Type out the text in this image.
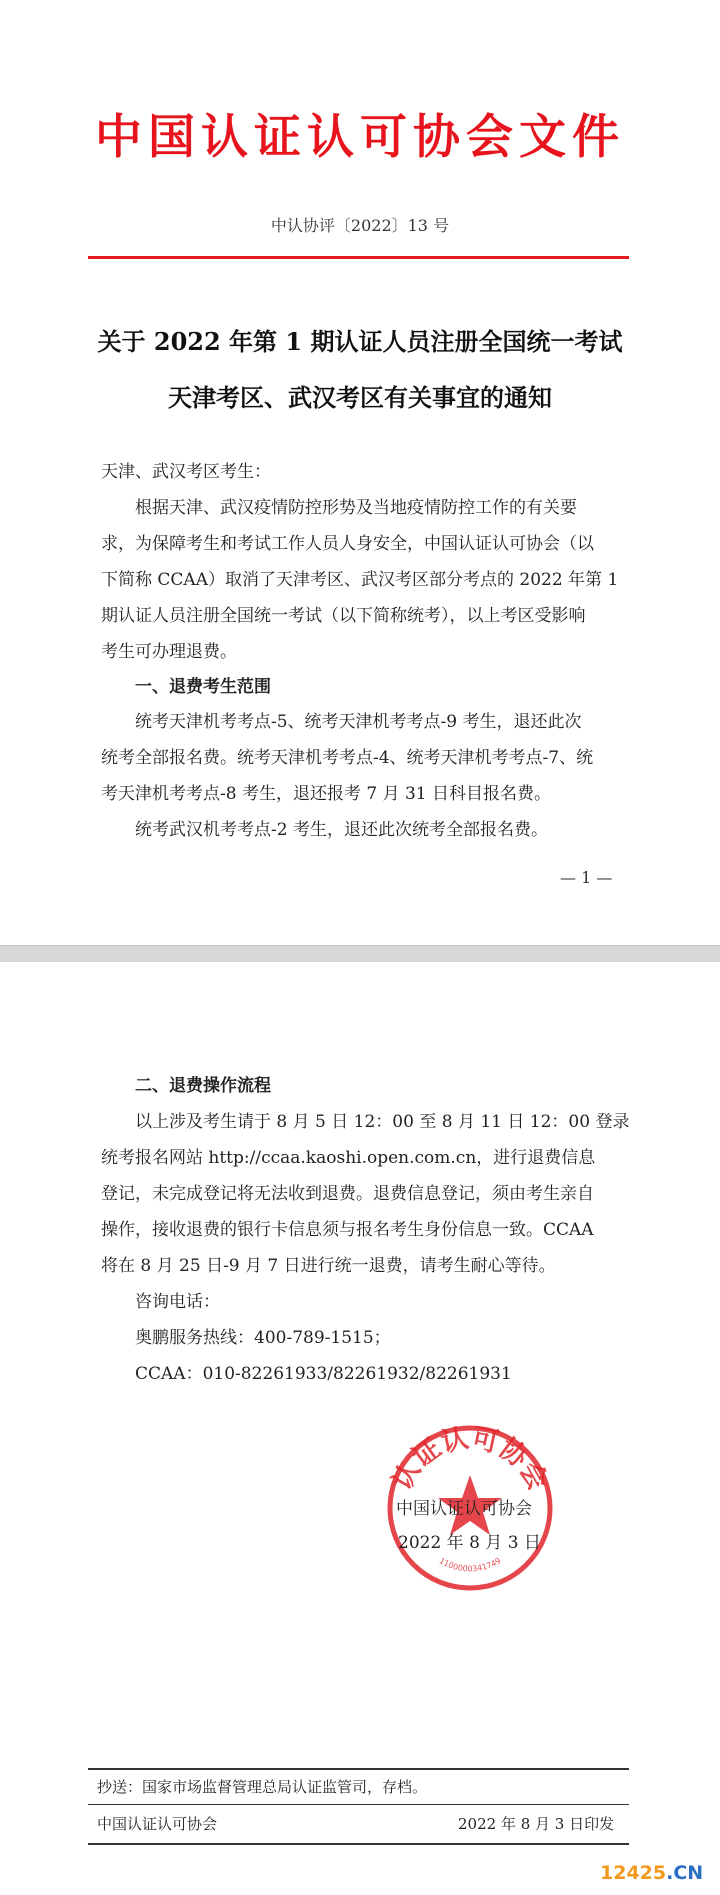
中国认证认可协会文件
中认协评〔2022〕13 号
关于 2022 年第 1 期认证人员注册全国统一考试
天津考区、武汉考区有关事宜的通知
天津、武汉考区考生：
根据天津、武汉疫情防控形势及当地疫情防控工作的有关要
求，为保障考生和考试工作人员人身安全，中国认证认可协会（以
下简称 CCAA）取消了天津考区、武汉考区部分考点的 2022 年第 1
期认证人员注册全国统一考试（以下简称统考），以上考区受影响
考生可办理退费。
一、退费考生范围
统考天津机考考点-5、统考天津机考考点-9 考生，退还此次
统考全部报名费。统考天津机考考点-4、统考天津机考考点-7、统
考天津机考考点-8 考生，退还报考 7 月 31 日科目报名费。
统考武汉机考考点-2 考生，退还此次统考全部报名费。
— 1 —
二、退费操作流程
以上涉及考生请于 8 月 5 日 12：00 至 8 月 11 日 12：00 登录
统考报名网站 http://ccaa.kaoshi.open.com.cn，进行退费信息
登记，未完成登记将无法收到退费。退费信息登记，须由考生亲自
操作，接收退费的银行卡信息须与报名考生身份信息一致。CCAA
将在 8 月 25 日-9 月 7 日进行统一退费，请考生耐心等待。
咨询电话：
奥鹏服务热线：400-789-1515；
CCAA：010-82261933/82261932/82261931
认证认可协会
1100000341749
中国认证认可协会
2022 年 8 月 3 日
抄送：国家市场监督管理总局认证监管司，存档。
中国认证认可协会	2022 年 8 月 3 日印发
12425.CN
